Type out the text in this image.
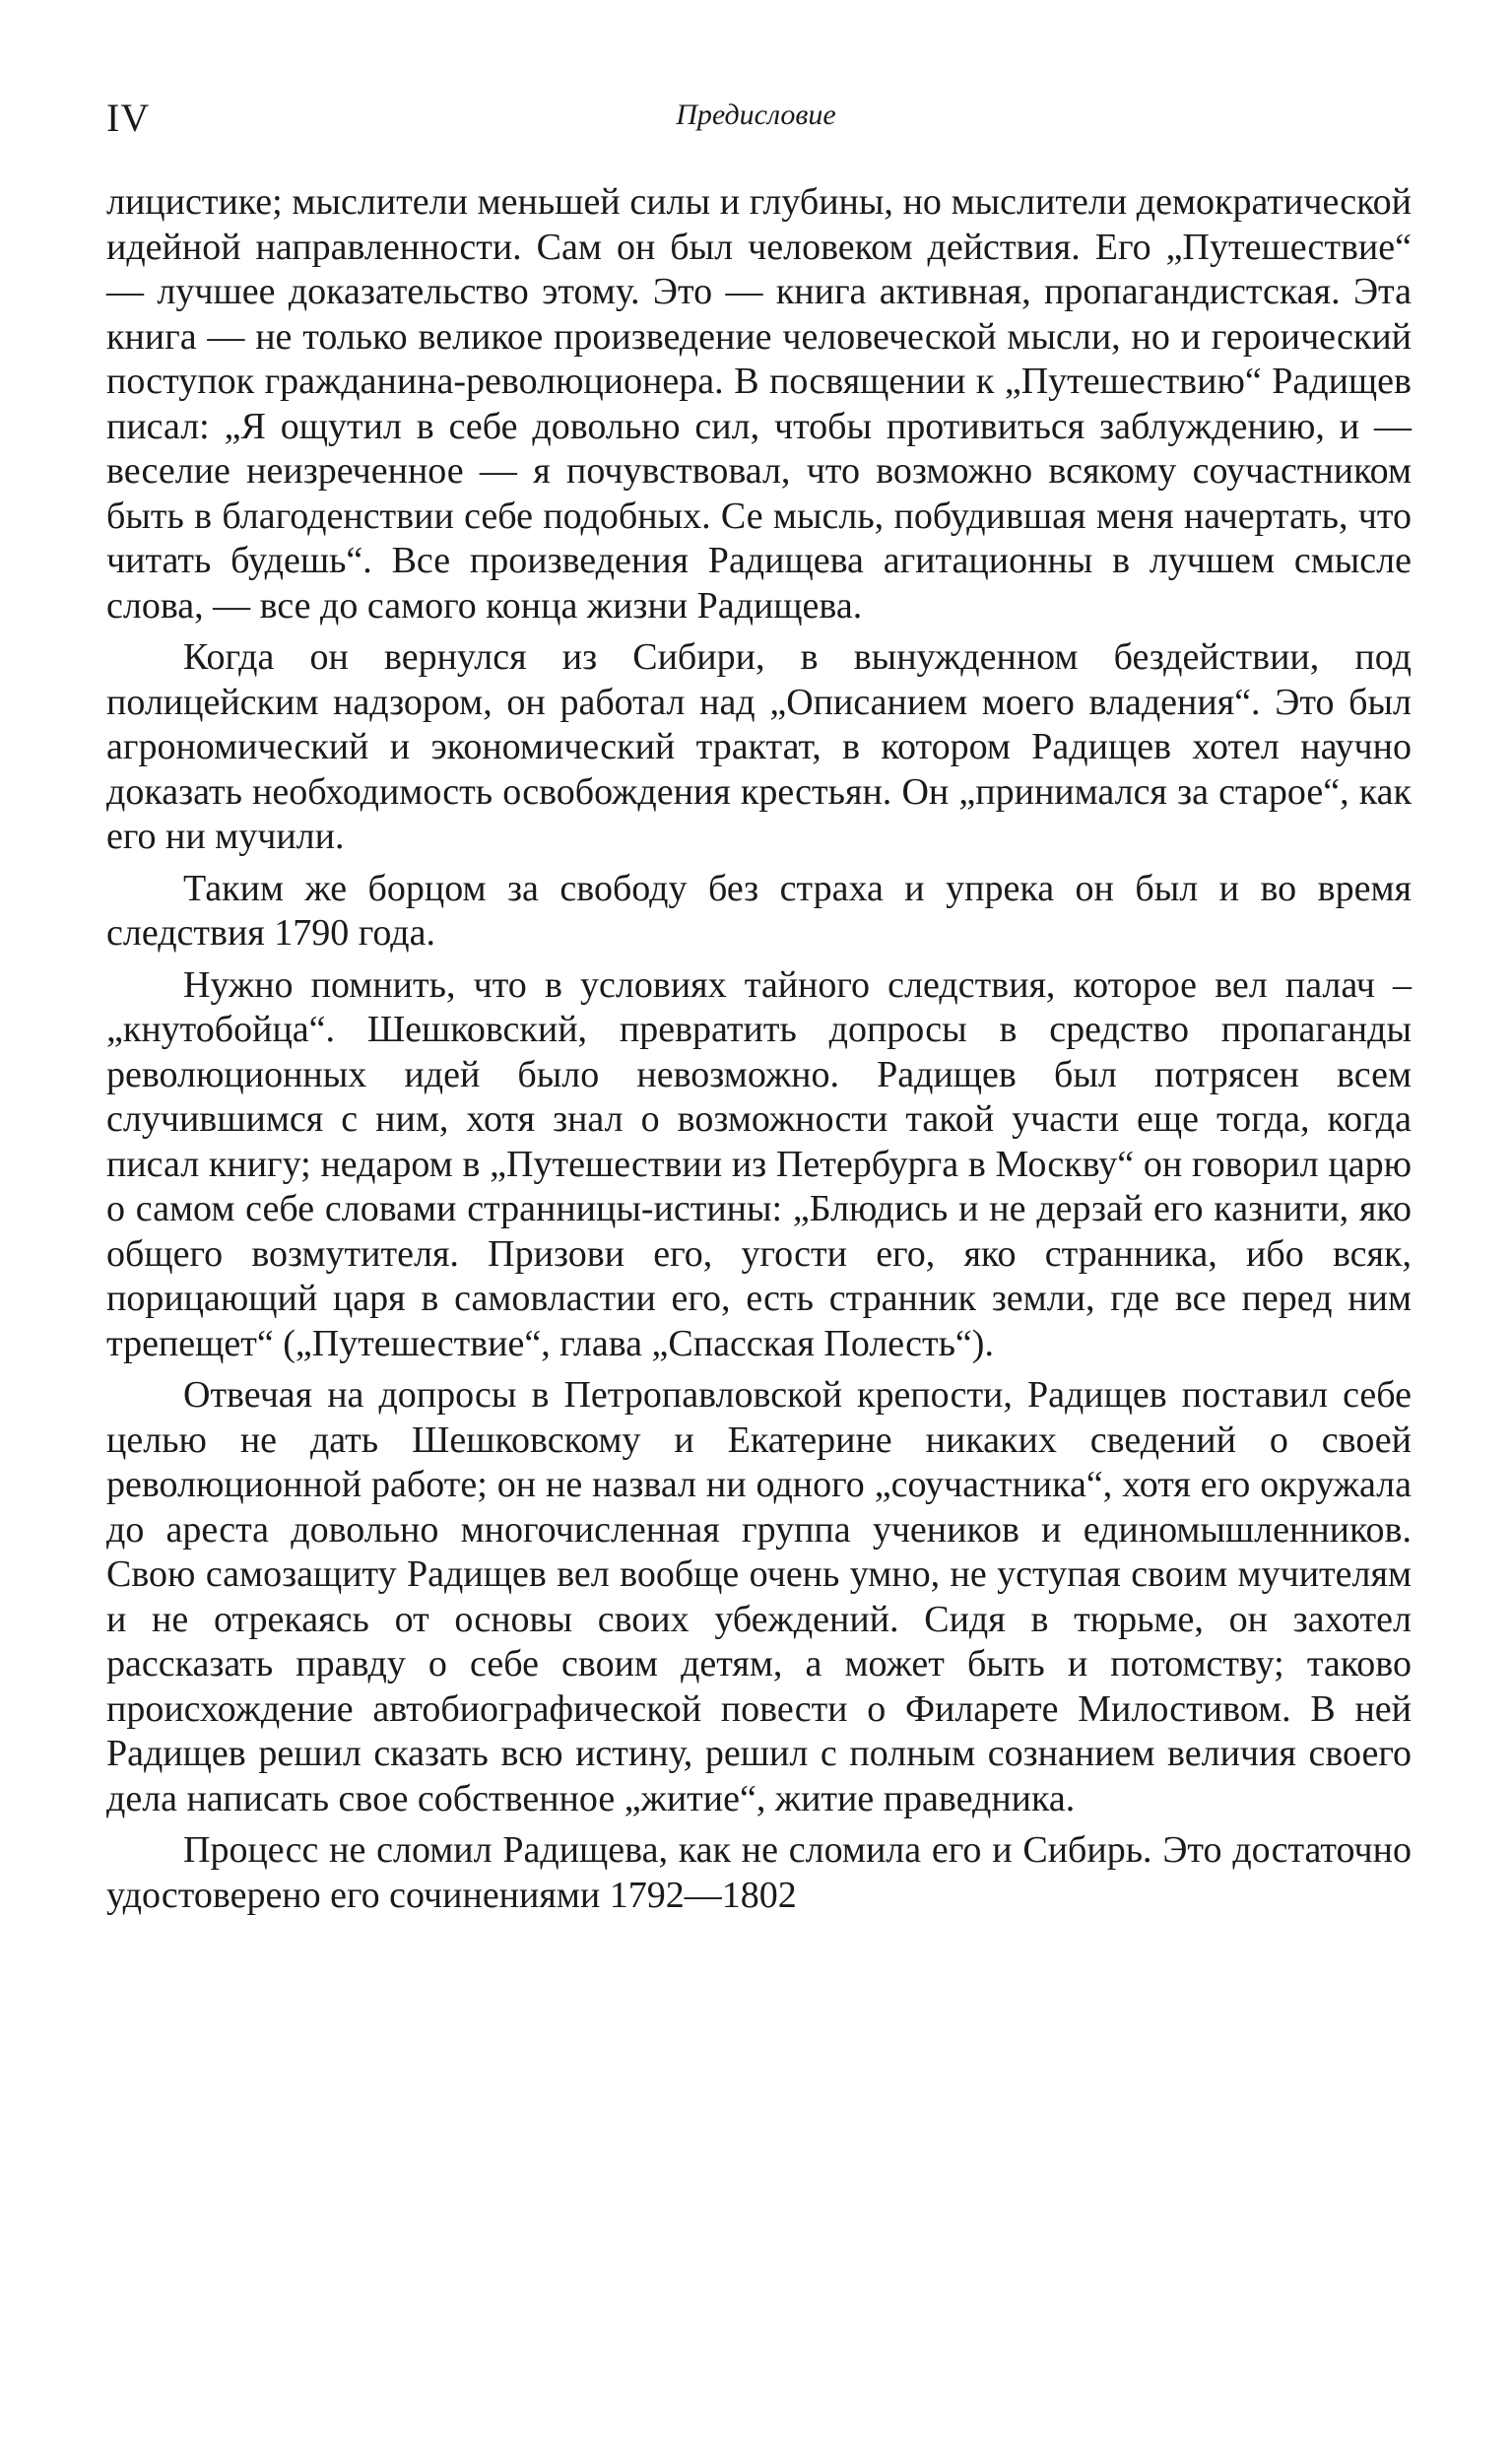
IV	Предисловие

лицистике; мыслители меньшей силы и глубины, но мыслители демократической идейной направленности. Сам он был человеком действия. Его „Путешествие“ — лучшее доказательство этому. Это — книга активная, пропагандистская. Эта книга — не только великое произведение человеческой мысли, но и героический поступок гражданина-революционера. В посвящении к „Путешествию“ Радищев писал: „Я ощутил в себе довольно сил, чтобы противиться заблуждению, и — веселие неизреченное — я почувствовал, что возможно всякому соучастником быть в благоденствии себе подобных. Се мысль, побудившая меня начертать, что читать будешь“. Все произведения Радищева агитационны в лучшем смысле слова, — все до самого конца жизни Радищева.

Когда он вернулся из Сибири, в вынужденном бездействии, под полицейским надзором, он работал над „Описанием моего владения“. Это был агрономический и экономический трактат, в котором Радищев хотел научно доказать необходимость освобождения крестьян. Он „принимался за старое“, как его ни мучили.

Таким же борцом за свободу без страха и упрека он был и во время следствия 1790 года.

Нужно помнить, что в условиях тайного следствия, которое вел палач – „кнутобойца“. Шешковский, превратить допросы в средство пропаганды революционных идей было невозможно. Радищев был потрясен всем случившимся с ним, хотя знал о возможности такой участи еще тогда, когда писал книгу; недаром в „Путешествии из Петербурга в Москву“ он говорил царю о самом себе словами странницы-истины: „Блюдись и не дерзай его казнити, яко общего возмутителя. Призови его, угости его, яко странника, ибо всяк, порицающий царя в самовластии его, есть странник земли, где все перед ним трепещет“ („Путешествие“, глава „Спасская Полесть“).

Отвечая на допросы в Петропавловской крепости, Радищев поставил себе целью не дать Шешковскому и Екатерине никаких сведений о своей революционной работе; он не назвал ни одного „соучастника“, хотя его окружала до ареста довольно многочисленная группа учеников и единомышленников. Свою самозащиту Радищев вел вообще очень умно, не уступая своим мучителям и не отрекаясь от основы своих убеждений. Сидя в тюрьме, он захотел рассказать правду о себе своим детям, а может быть и потомству; таково происхождение автобиографической повести о Филарете Милостивом. В ней Радищев решил сказать всю истину, решил с полным сознанием величия своего дела написать свое собственное „житие“, житие праведника.

Процесс не сломил Радищева, как не сломила его и Сибирь. Это достаточно удостоверено его сочинениями 1792—1802
